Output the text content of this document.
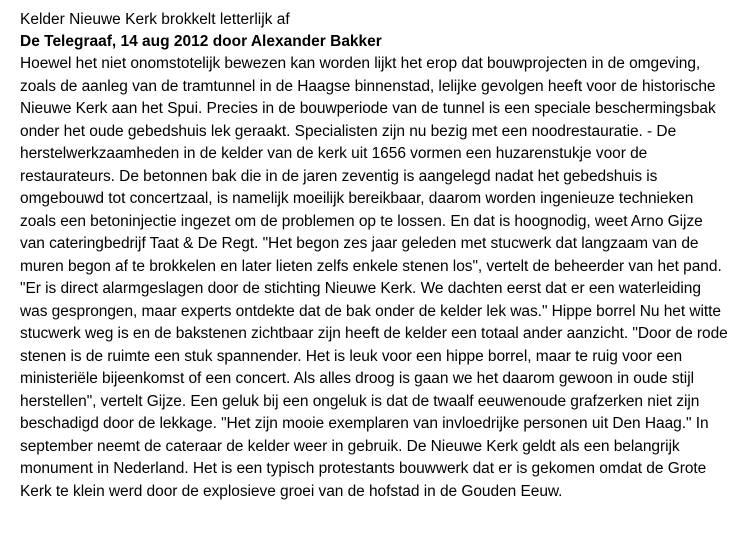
Kelder Nieuwe Kerk brokkelt letterlijk af
De Telegraaf, 14 aug 2012 door Alexander Bakker
Hoewel het niet onomstotelijk bewezen kan worden lijkt het erop dat bouwprojecten in de omgeving, zoals de aanleg van de tramtunnel in de Haagse binnenstad, lelijke gevolgen heeft voor de historische Nieuwe Kerk aan het Spui. Precies in de bouwperiode van de tunnel is een speciale beschermingsbak onder het oude gebedshuis lek geraakt. Specialisten zijn nu bezig met een noodrestauratie. - De herstelwerkzaamheden in de kelder van de kerk uit 1656 vormen een huzarenstukje voor de restaurateurs. De betonnen bak die in de jaren zeventig is aangelegd nadat het gebedshuis is omgebouwd tot concertzaal, is namelijk moeilijk bereikbaar, daarom worden ingenieuze technieken zoals een betoninjectie ingezet om de problemen op te lossen. En dat is hoognodig, weet Arno Gijze van cateringbedrijf Taat & De Regt. "Het begon zes jaar geleden met stucwerk dat langzaam van de muren begon af te brokkelen en later lieten zelfs enkele stenen los", vertelt de beheerder van het pand. "Er is direct alarmgeslagen door de stichting Nieuwe Kerk. We dachten eerst dat er een waterleiding was gesprongen, maar experts ontdekte dat de bak onder de kelder lek was." Hippe borrel Nu het witte stucwerk weg is en de bakstenen zichtbaar zijn heeft de kelder een totaal ander aanzicht. "Door de rode stenen is de ruimte een stuk spannender. Het is leuk voor een hippe borrel, maar te ruig voor een ministeriële bijeenkomst of een concert. Als alles droog is gaan we het daarom gewoon in oude stijl herstellen", vertelt Gijze. Een geluk bij een ongeluk is dat de twaalf eeuwenoude grafzerken niet zijn beschadigd door de lekkage. "Het zijn mooie exemplaren van invloedrijke personen uit Den Haag." In september neemt de cateraar de kelder weer in gebruik. De Nieuwe Kerk geldt als een belangrijk monument in Nederland. Het is een typisch protestants bouwwerk dat er is gekomen omdat de Grote Kerk te klein werd door de explosieve groei van de hofstad in de Gouden Eeuw.
